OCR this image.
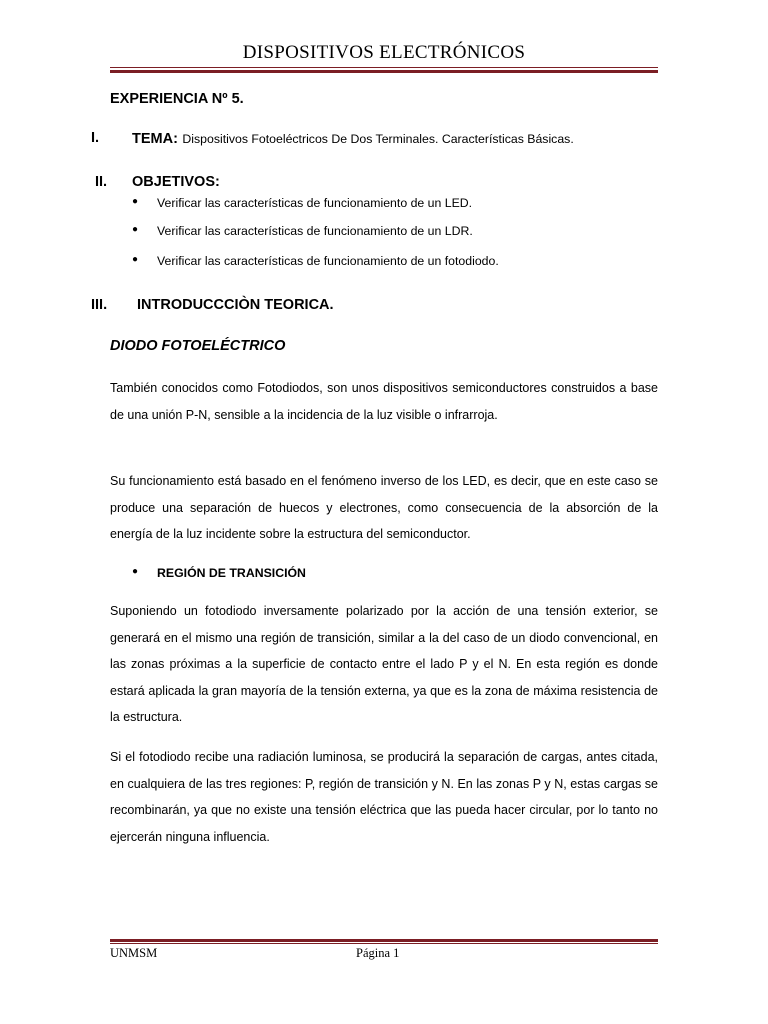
DISPOSITIVOS ELECTRÓNICOS
EXPERIENCIA Nº 5.
I. TEMA: Dispositivos Fotoeléctricos De Dos Terminales. Características Básicas.
II. OBJETIVOS:
● Verificar las características de funcionamiento de un LED.
● Verificar las características de funcionamiento de un LDR.
● Verificar las características de funcionamiento de un fotodiodo.
III. INTRODUCCCIÒN TEORICA.
DIODO FOTOELÉCTRICO
También conocidos como Fotodiodos, son unos dispositivos semiconductores construidos a base de una unión P-N, sensible a la incidencia de la luz visible o infrarroja.
Su funcionamiento está basado en el fenómeno inverso de los LED, es decir, que en este caso se produce una separación de huecos y electrones, como consecuencia de la absorción de la energía de la luz incidente sobre la estructura del semiconductor.
● REGIÓN DE TRANSICIÓN
Suponiendo un fotodiodo inversamente polarizado por la acción de una tensión exterior, se generará en el mismo una región de transición, similar a la del caso de un diodo convencional, en las zonas próximas a la superficie de contacto entre el lado P y el N. En esta región es donde estará aplicada la gran mayoría de la tensión externa, ya que es la zona de máxima resistencia de la estructura.
Si el fotodiodo recibe una radiación luminosa, se producirá la separación de cargas, antes citada, en cualquiera de las tres regiones: P, región de transición y N. En las zonas P y N, estas cargas se recombinarán, ya que no existe una tensión eléctrica que las pueda hacer circular, por lo tanto no ejercerán ninguna influencia.
UNMSM	Página 1
